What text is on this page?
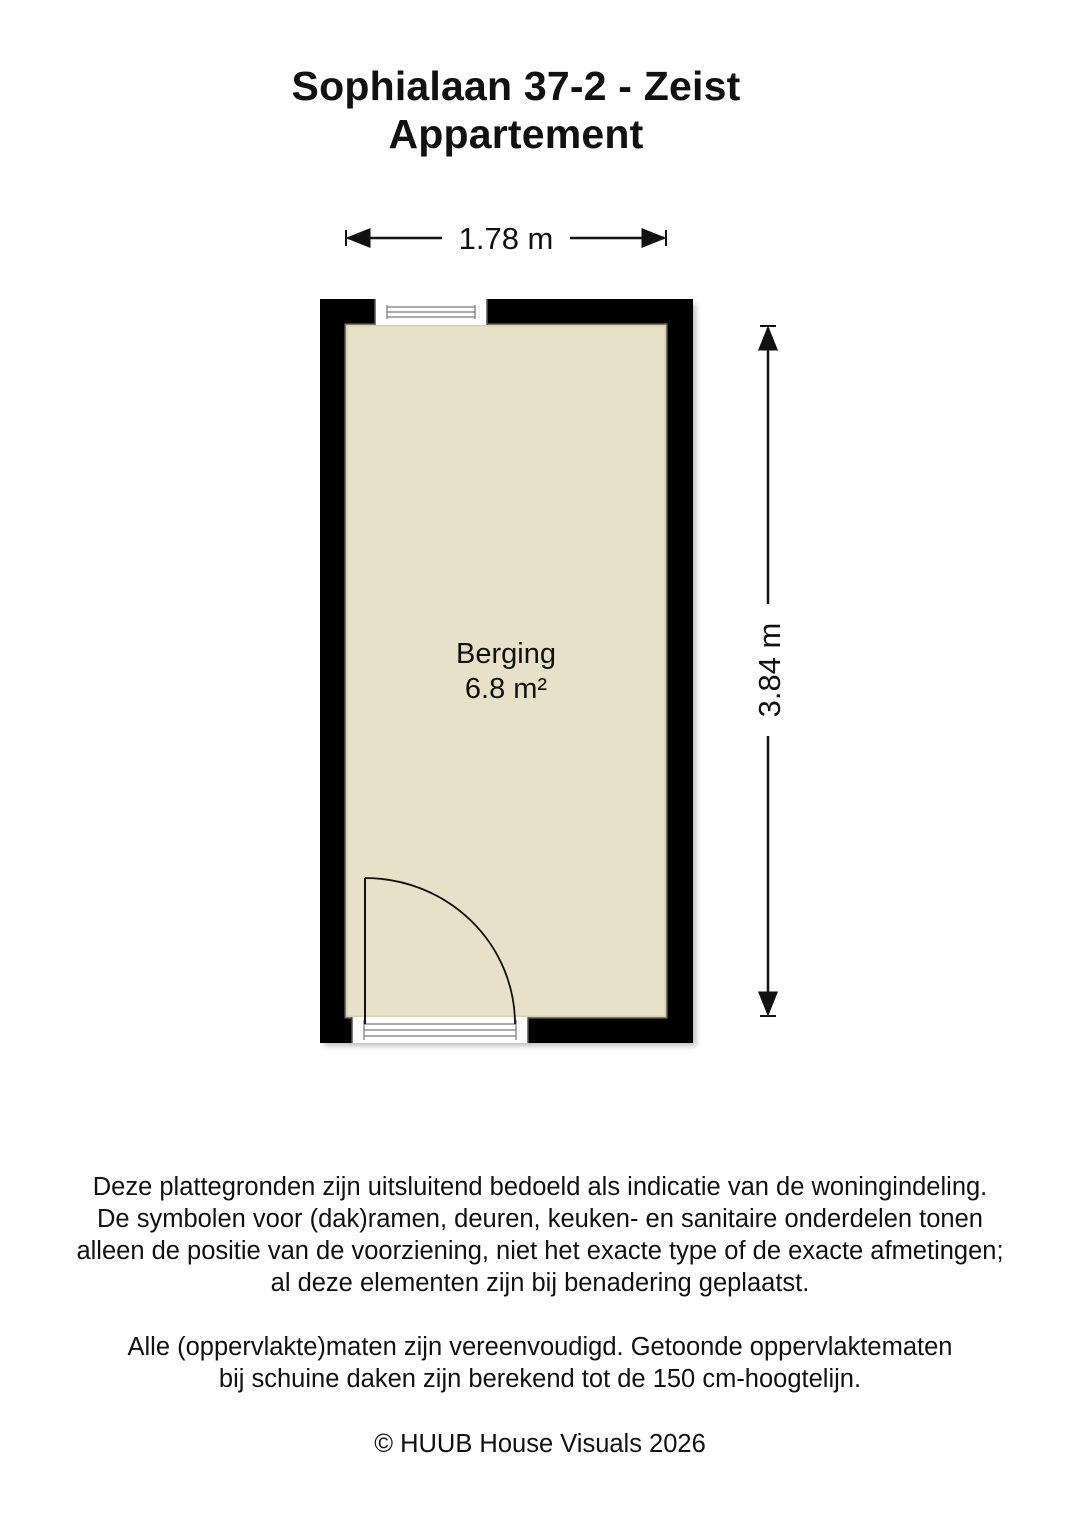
Sophialaan 37-2 - Zeist
Appartement
1.78 m
3.84 m
Berging
6.8 m²

Deze plattegronden zijn uitsluitend bedoeld als indicatie van de woningindeling.

De symbolen voor (dak)ramen, deuren, keuken- en sanitaire onderdelen tonen

alleen de positie van de voorziening, niet het exacte type of de exacte afmetingen;

al deze elementen zijn bij benadering geplaatst.

Alle (oppervlakte)maten zijn vereenvoudigd. Getoonde oppervlaktematen

bij schuine daken zijn berekend tot de 150 cm-hoogtelijn.

© HUUB House Visuals 2026
